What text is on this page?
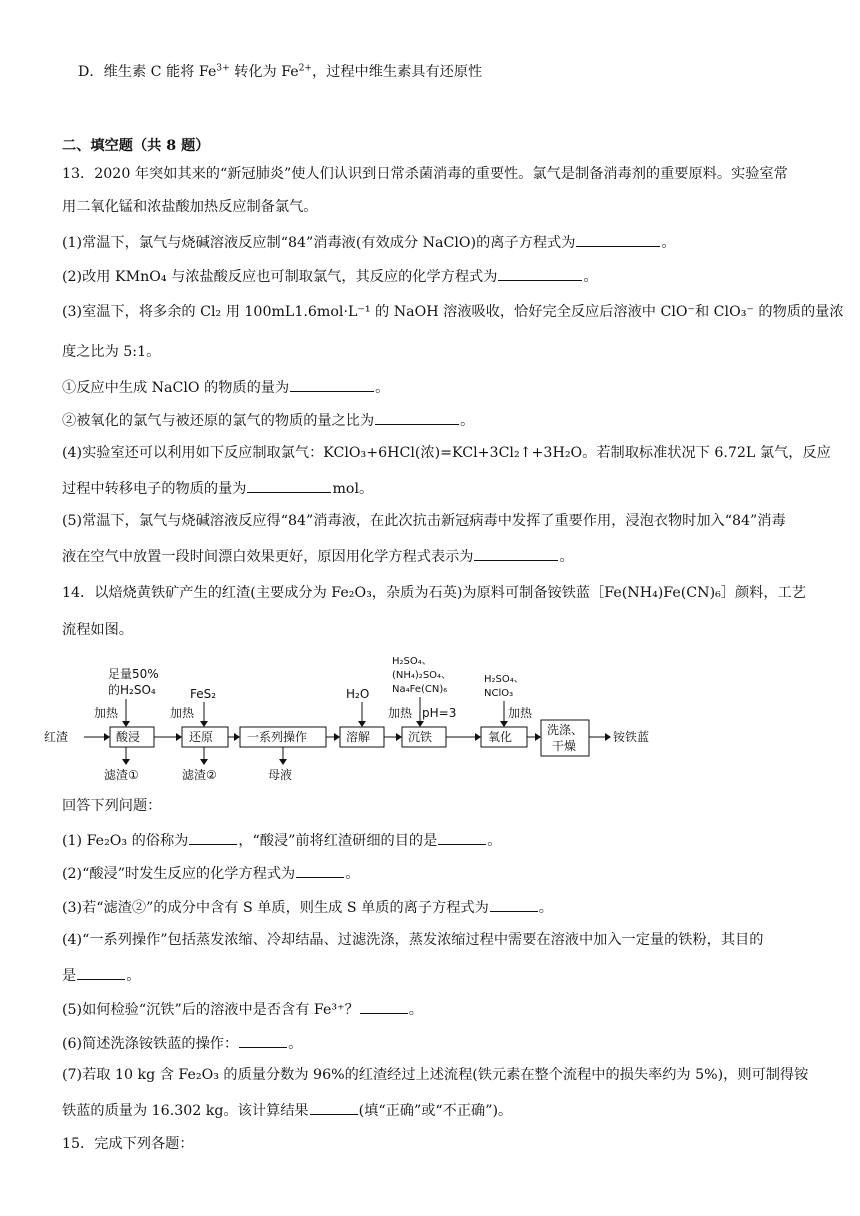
D．维生素 C 能将 $Fe^{3+}$ 转化为 $Fe^{2+}$，过程中维生素具有还原性
二、填空题（共 8 题）
13．2020 年突如其来的“新冠肺炎”使人们认识到日常杀菌消毒的重要性。氯气是制备消毒剂的重要原料。实验室常
用二氧化锰和浓盐酸加热反应制备氯气。
(1)常温下，氯气与烧碱溶液反应制“84”消毒液(有效成分 NaClO)的离子方程式为	。
(2)改用 KMnO₄ 与浓盐酸反应也可制取氯气，其反应的化学方程式为	。
(3)室温下，将多余的 Cl₂ 用 100mL1.6mol·L⁻¹ 的 NaOH 溶液吸收，恰好完全反应后溶液中 ClO⁻和 ClO₃⁻ 的物质的量浓
度之比为 5:1。
①反应中生成 NaClO 的物质的量为	。
②被氧化的氯气与被还原的氯气的物质的量之比为	。
(4)实验室还可以利用如下反应制取氯气：KClO₃+6HCl(浓)=KCl+3Cl₂↑+3H₂O。若制取标准状况下 6.72L 氯气，反应
过程中转移电子的物质的量为	mol。
(5)常温下，氯气与烧碱溶液反应得“84”消毒液，在此次抗击新冠病毒中发挥了重要作用，浸泡衣物时加入“84”消毒
液在空气中放置一段时间漂白效果更好，原因用化学方程式表示为	。
14．以焙烧黄铁矿产生的红渣(主要成分为 Fe₂O₃，杂质为石英)为原料可制备铵铁蓝［Fe(NH₄)Fe(CN)₆］颜料，工艺
流程如图。
红渣	酸浸	还原	一系列操作	溶解	沉铁	氧化	洗涤、
干燥
铵铁蓝
足量50%
的H₂SO₄
加热
FeS₂
加热
H₂O
H₂SO₄、
(NH₄)₂SO₄、
Na₄Fe(CN)₆
加热 pH=3
H₂SO₄、
NClO₃
加热
滤渣①	滤渣②	母液
回答下列问题：
(1) Fe₂O₃ 的俗称为	，“酸浸”前将红渣研细的目的是	。
(2)“酸浸”时发生反应的化学方程式为	。
(3)若“滤渣②”的成分中含有 S 单质，则生成 S 单质的离子方程式为	。
(4)“一系列操作”包括蒸发浓缩、冷却结晶、过滤洗涤，蒸发浓缩过程中需要在溶液中加入一定量的铁粉，其目的
是	。
(5)如何检验“沉铁”后的溶液中是否含有 Fe³⁺？	。
(6)简述洗涤铵铁蓝的操作：	。
(7)若取 10 kg 含 Fe₂O₃ 的质量分数为 96%的红渣经过上述流程(铁元素在整个流程中的损失率约为 5%)，则可制得铵
铁蓝的质量为 16.302 kg。该计算结果	(填“正确”或“不正确”)。
15．完成下列各题：
